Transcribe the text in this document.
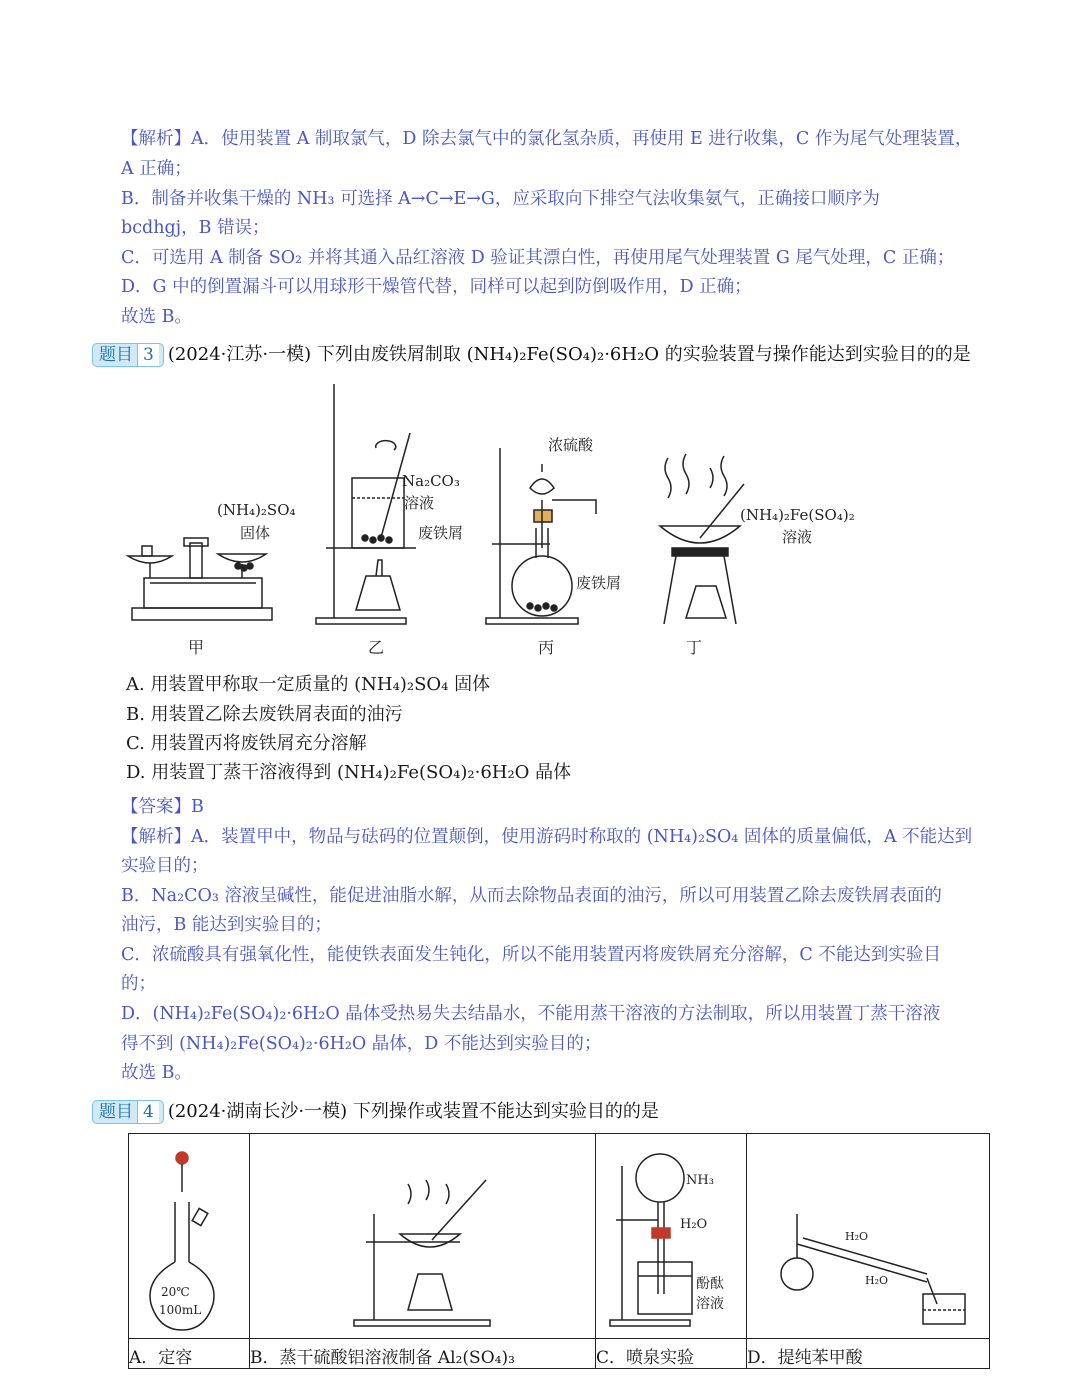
【解析】A．使用装置 A 制取氯气，D 除去氯气中的氯化氢杂质，再使用 E 进行收集，C 作为尾气处理装置，
A 正确；
B．制备并收集干燥的 NH₃ 可选择 A→C→E→G，应采取向下排空气法收集氨气，正确接口顺序为
bcdhgj，B 错误；
C．可选用 A 制备 SO₂ 并将其通入品红溶液 D 验证其漂白性，再使用尾气处理装置 G 尾气处理，C 正确；
D．G 中的倒置漏斗可以用球形干燥管代替，同样可以起到防倒吸作用，D 正确；
故选 B。
题目 3 (2024·江苏·一模) 下列由废铁屑制取 (NH₄)₂Fe(SO₄)₂·6H₂O 的实验装置与操作能达到实验目的的是
(NH₄)₂SO₄
固体
Na₂CO₃
溶液
废铁屑
浓硫酸
废铁屑
(NH₄)₂Fe(SO₄)₂
溶液
甲	乙	丙	丁
A. 用装置甲称取一定质量的 (NH₄)₂SO₄ 固体
B. 用装置乙除去废铁屑表面的油污
C. 用装置丙将废铁屑充分溶解
D. 用装置丁蒸干溶液得到 (NH₄)₂Fe(SO₄)₂·6H₂O 晶体
【答案】B
【解析】A．装置甲中，物品与砝码的位置颠倒，使用游码时称取的 (NH₄)₂SO₄ 固体的质量偏低，A 不能达到
实验目的；
B．Na₂CO₃ 溶液呈碱性，能促进油脂水解，从而去除物品表面的油污，所以可用装置乙除去废铁屑表面的
油污，B 能达到实验目的；
C．浓硫酸具有强氧化性，能使铁表面发生钝化，所以不能用装置丙将废铁屑充分溶解，C 不能达到实验目
的；
D．(NH₄)₂Fe(SO₄)₂·6H₂O 晶体受热易失去结晶水，不能用蒸干溶液的方法制取，所以用装置丁蒸干溶液
得不到 (NH₄)₂Fe(SO₄)₂·6H₂O 晶体，D 不能达到实验目的；
故选 B。
题目 4 (2024·湖南长沙·一模) 下列操作或装置不能达到实验目的的是
20℃
100mL		NH₃
H₂O
酚酞
溶液	H₂O
H₂O

A．定容	B．蒸干硫酸铝溶液制备 Al₂(SO₄)₃	C．喷泉实验	D．提纯苯甲酸
